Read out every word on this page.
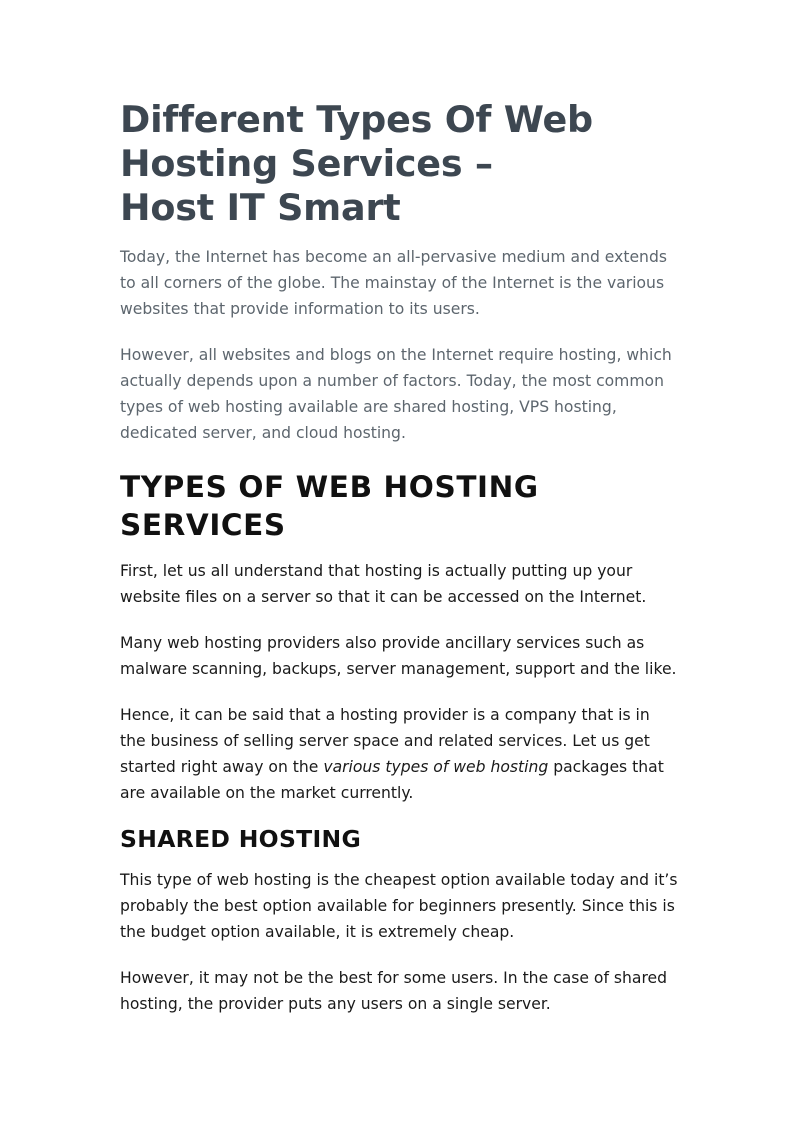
Different Types Of Web
Hosting Services –
Host IT Smart

Today, the Internet has become an all-pervasive medium and extends to all corners of the globe. The mainstay of the Internet is the various websites that provide information to its users.

However, all websites and blogs on the Internet require hosting, which actually depends upon a number of factors. Today, the most common types of web hosting available are shared hosting, VPS hosting, dedicated server, and cloud hosting.

TYPES OF WEB HOSTING
SERVICES

First, let us all understand that hosting is actually putting up your website files on a server so that it can be accessed on the Internet.

Many web hosting providers also provide ancillary services such as malware scanning, backups, server management, support and the like.

Hence, it can be said that a hosting provider is a company that is in the business of selling server space and related services. Let us get started right away on the various types of web hosting packages that are available on the market currently.

SHARED HOSTING

This type of web hosting is the cheapest option available today and it’s probably the best option available for beginners presently. Since this is the budget option available, it is extremely cheap.

However, it may not be the best for some users. In the case of shared hosting, the provider puts any users on a single server.
